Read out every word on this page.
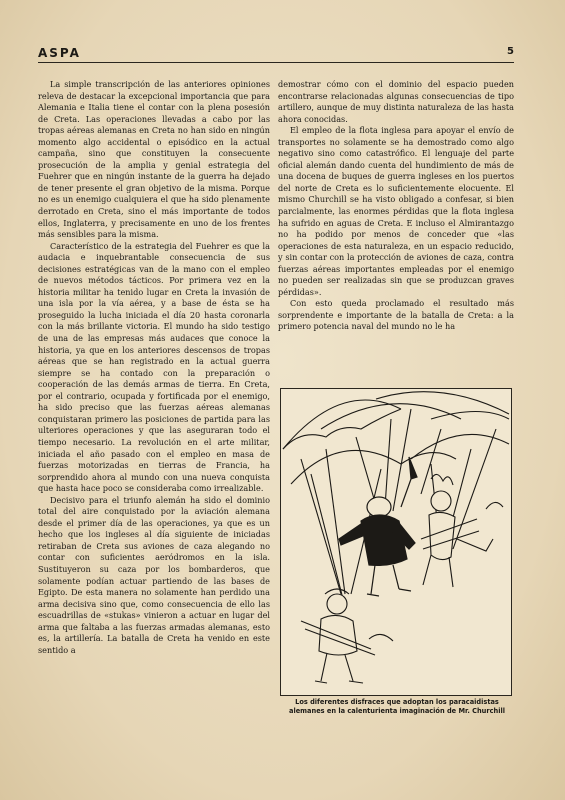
ASPA	5

La simple transcripción de las anteriores opiniones releva de destacar la excepcional importancia que para Alemania e Italia tiene el contar con la plena posesión de Creta. Las operaciones llevadas a cabo por las tropas aéreas alemanas en Creta no han sido en ningún momento algo accidental o episódico en la actual campaña, sino que constituyen la consecuente prosecución de la amplia y genial estrategia del Fuehrer que en ningún instante de la guerra ha dejado de tener presente el gran objetivo de la misma. Porque no es un enemigo cualquiera el que ha sido plenamente derrotado en Creta, sino el más importante de todos ellos, Inglaterra, y precisamente en uno de los frentes más sensibles para la misma.

Característico de la estrategia del Fuehrer es que la audacia e inquebrantable consecuencia de sus decisiones estratégicas van de la mano con el empleo de nuevos métodos tácticos. Por primera vez en la historia militar ha tenido lugar en Creta la invasión de una isla por la vía aérea, y a base de ésta se ha proseguido la lucha iniciada el día 20 hasta coronarla con la más brillante victoria. El mundo ha sido testigo de una de las empresas más audaces que conoce la historia, ya que en los anteriores descensos de tropas aéreas que se han registrado en la actual guerra siempre se ha contado con la preparación o cooperación de las demás armas de tierra. En Creta, por el contrario, ocupada y fortificada por el enemigo, ha sido preciso que las fuerzas aéreas alemanas conquistaran primero las posiciones de partida para las ulteriores operaciones y que las aseguraran todo el tiempo necesario. La revolución en el arte militar, iniciada el año pasado con el empleo en masa de fuerzas motorizadas en tierras de Francia, ha sorprendido ahora al mundo con una nueva conquista que hasta hace poco se consideraba como irrealizable.

Decisivo para el triunfo alemán ha sido el dominio total del aire conquistado por la aviación alemana desde el primer día de las operaciones, ya que es un hecho que los ingleses al día siguiente de iniciadas retiraban de Creta sus aviones de caza alegando no contar con suficientes aeródromos en la isla. Sustituyeron su caza por los bombarderos, que solamente podían actuar partiendo de las bases de Egipto. De esta manera no solamente han perdido una arma decisiva sino que, como consecuencia de ello las escuadrillas de «stukas» vinieron a actuar en lugar del arma que faltaba a las fuerzas armadas alemanas, esto es, la artillería. La batalla de Creta ha venido en este sentido a

demostrar cómo con el dominio del espacio pueden encontrarse relacionadas algunas consecuencias de tipo artillero, aunque de muy distinta naturaleza de las hasta ahora conocidas.

El empleo de la flota inglesa para apoyar el envío de transportes no solamente se ha demostrado como algo negativo sino como catastrófico. El lenguaje del parte oficial alemán dando cuenta del hundimiento de más de una docena de buques de guerra ingleses en los puertos del norte de Creta es lo suficientemente elocuente. El mismo Churchill se ha visto obligado a confesar, si bien parcialmente, las enormes pérdidas que la flota inglesa ha sufrido en aguas de Creta. E incluso el Almirantazgo no ha podido por menos de conceder que «las operaciones de esta naturaleza, en un espacio reducido, y sin contar con la protección de aviones de caza, contra fuerzas aéreas importantes empleadas por el enemigo no pueden ser realizadas sin que se produzcan graves pérdidas».

Con esto queda proclamado el resultado más sorprendente e importante de la batalla de Creta: a la primero potencia naval del mundo no le ha

Los diferentes disfraces que adoptan los paracaidistas alemanes en la calenturienta imaginación de Mr. Churchill
